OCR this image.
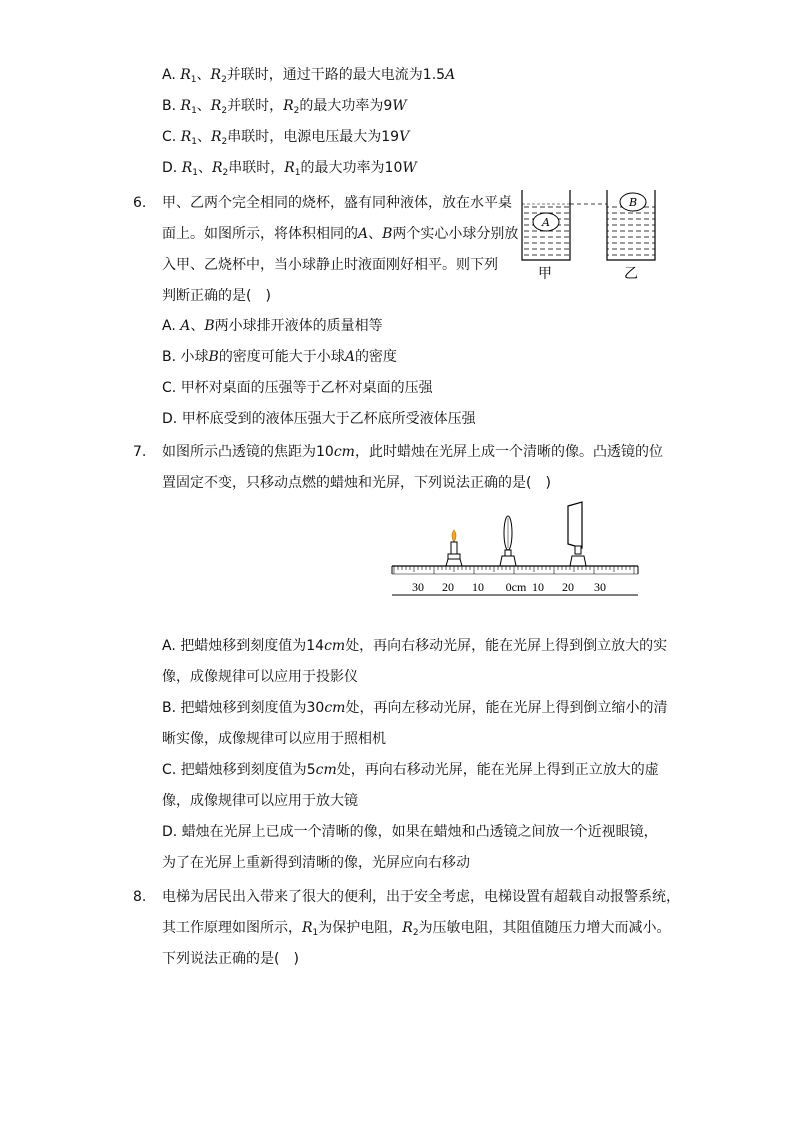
A. $R_1$、$R_2$并联时，通过干路的最大电流为1.5A
B. $R_1$、$R_2$并联时，$R_2$的最大功率为9W
C. $R_1$、$R_2$串联时，电源电压最大为19V
D. $R_1$、$R_2$串联时，$R_1$的最大功率为10W
6. 甲、乙两个完全相同的烧杯，盛有同种液体，放在水平桌
面上。如图所示，将体积相同的A、B两个实心小球分别放
入甲、乙烧杯中，当小球静止时液面刚好相平。则下列
判断正确的是(　)
A
B
甲	乙
A. A、B两小球排开液体的质量相等
B. 小球B的密度可能大于小球A的密度
C. 甲杯对桌面的压强等于乙杯对桌面的压强
D. 甲杯底受到的液体压强大于乙杯底所受液体压强
7. 如图所示凸透镜的焦距为10cm，此时蜡烛在光屏上成一个清晰的像。凸透镜的位
置固定不变，只移动点燃的蜡烛和光屏，下列说法正确的是(　)
30 20 10 0cm 10 20 30
A. 把蜡烛移到刻度值为14cm处，再向右移动光屏，能在光屏上得到倒立放大的实
像，成像规律可以应用于投影仪
B. 把蜡烛移到刻度值为30cm处，再向左移动光屏，能在光屏上得到倒立缩小的清
晰实像，成像规律可以应用于照相机
C. 把蜡烛移到刻度值为5cm处，再向右移动光屏，能在光屏上得到正立放大的虚
像，成像规律可以应用于放大镜
D. 蜡烛在光屏上已成一个清晰的像，如果在蜡烛和凸透镜之间放一个近视眼镜，
为了在光屏上重新得到清晰的像，光屏应向右移动
8. 电梯为居民出入带来了很大的便利，出于安全考虑，电梯设置有超载自动报警系统，
其工作原理如图所示，$R_1$为保护电阻，$R_2$为压敏电阻，其阻值随压力增大而减小。
下列说法正确的是(　)
